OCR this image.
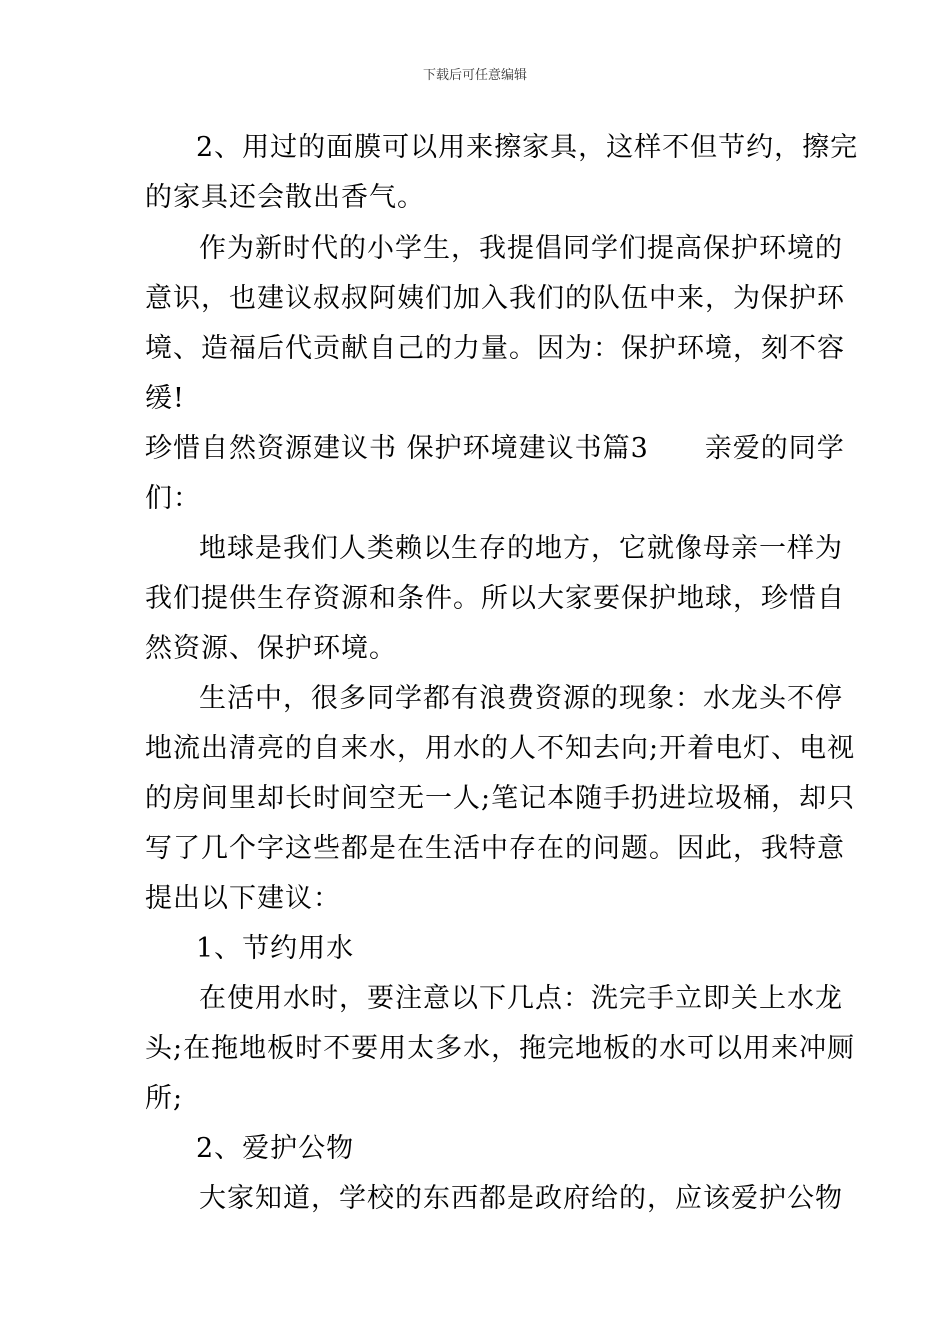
下载后可任意编辑
2、用过的面膜可以用来擦家具，这样不但节约，擦完
的家具还会散出香气。
作为新时代的小学生，我提倡同学们提高保护环境的
意识，也建议叔叔阿姨们加入我们的队伍中来，为保护环
境、造福后代贡献自己的力量。因为：保护环境，刻不容
缓!
珍惜自然资源建议书 保护环境建议书篇3　　亲爱的同学
们：
地球是我们人类赖以生存的地方，它就像母亲一样为
我们提供生存资源和条件。所以大家要保护地球，珍惜自
然资源、保护环境。
生活中，很多同学都有浪费资源的现象：水龙头不停
地流出清亮的自来水，用水的人不知去向;开着电灯、电视
的房间里却长时间空无一人;笔记本随手扔进垃圾桶，却只
写了几个字这些都是在生活中存在的问题。因此，我特意
提出以下建议：
1、节约用水
在使用水时，要注意以下几点：洗完手立即关上水龙
头;在拖地板时不要用太多水，拖完地板的水可以用来冲厕
所;
2、爱护公物
大家知道，学校的东西都是政府给的，应该爱护公物
